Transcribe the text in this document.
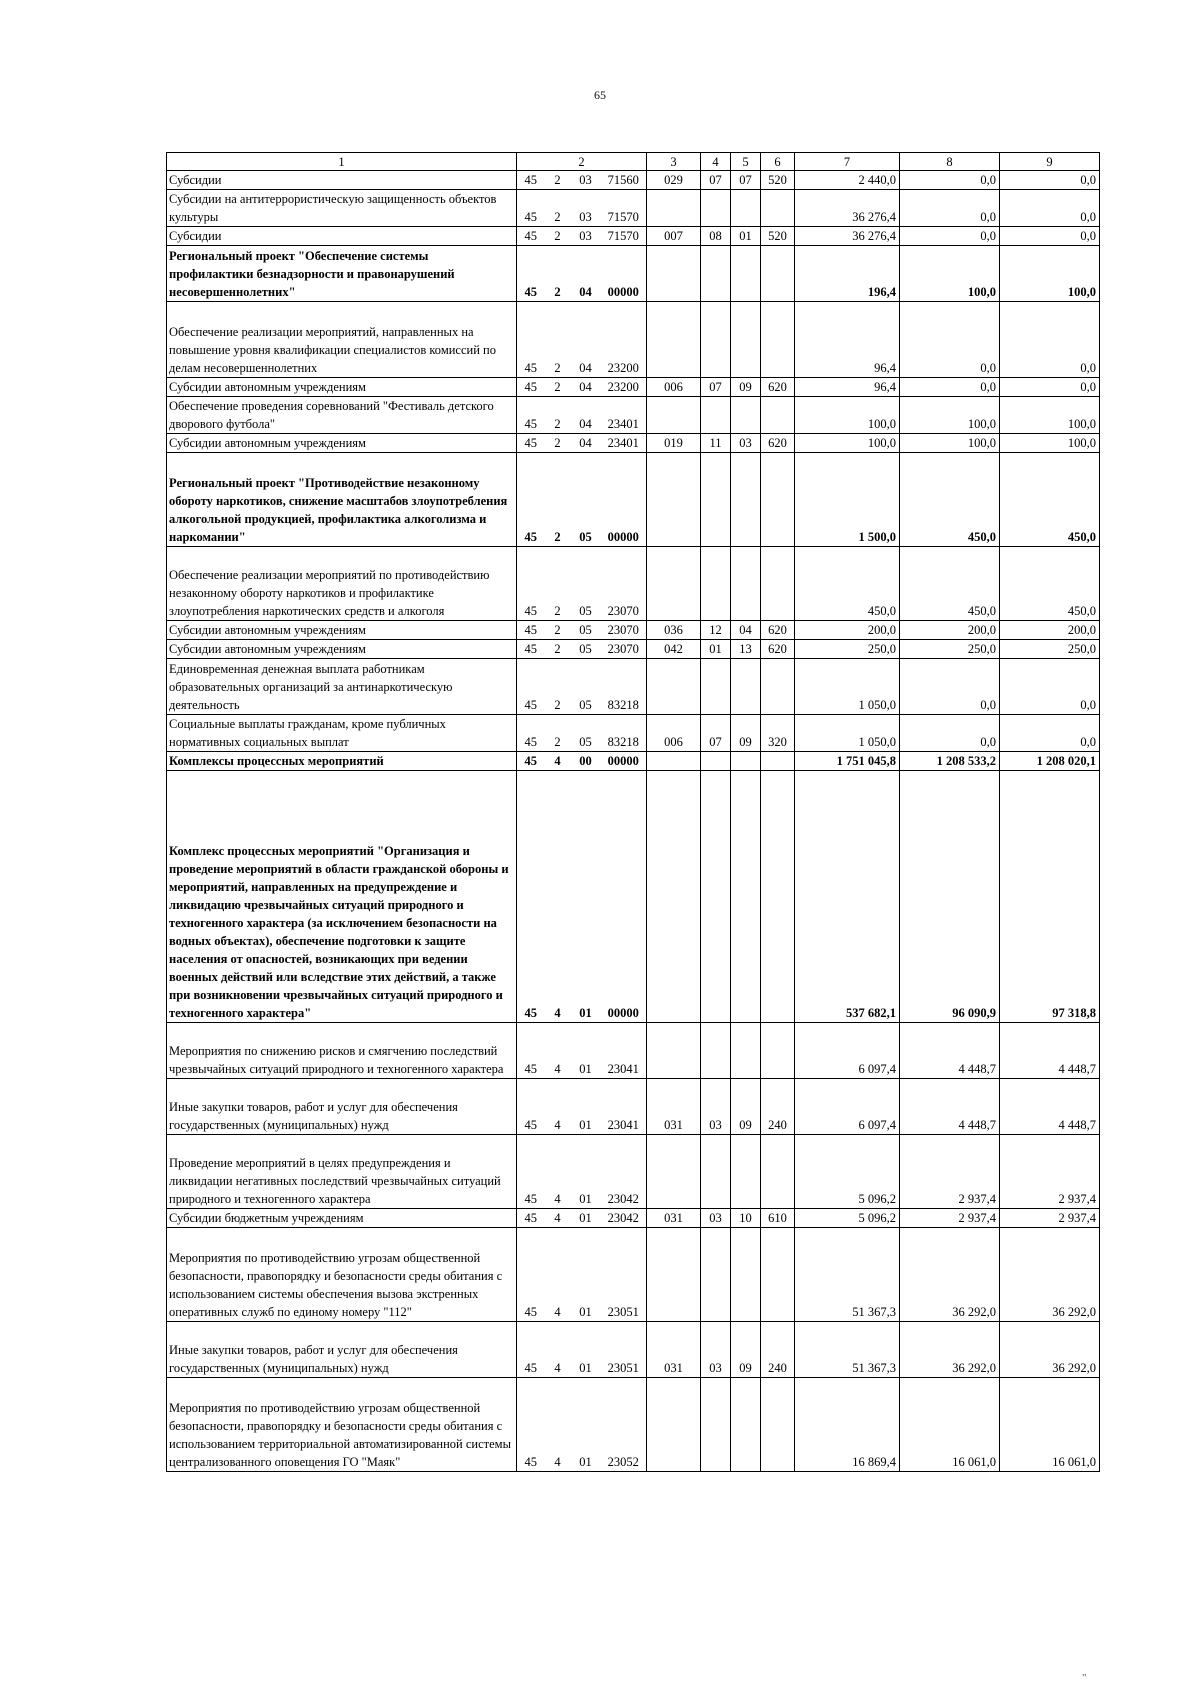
65
1	2				3	4	5	6	7	8	9
Субсидии	45	2	03	71560	029	07	07	520	2 440,0	0,0	0,0
Субсидии на антитеррористическую защищенность объектов культуры	45	2	03	71570					36 276,4	0,0	0,0
Субсидии	45	2	03	71570	007	08	01	520	36 276,4	0,0	0,0
Региональный проект "Обеспечение системы профилактики безнадзорности и правонарушений несовершеннолетних"	45	2	04	00000					196,4	100,0	100,0
Обеспечение реализации мероприятий, направленных на повышение уровня квалификации специалистов комиссий по делам несовершеннолетних	45	2	04	23200					96,4	0,0	0,0
Субсидии автономным учреждениям	45	2	04	23200	006	07	09	620	96,4	0,0	0,0
Обеспечение проведения соревнований "Фестиваль детского дворового футбола"	45	2	04	23401					100,0	100,0	100,0
Субсидии автономным учреждениям	45	2	04	23401	019	11	03	620	100,0	100,0	100,0
Региональный проект "Противодействие незаконному обороту наркотиков, снижение масштабов злоупотребления алкогольной продукцией, профилактика алкоголизма и наркомании"	45	2	05	00000					1 500,0	450,0	450,0
Обеспечение реализации мероприятий по противодействию незаконному обороту наркотиков и профилактике злоупотребления наркотических средств и алкоголя	45	2	05	23070					450,0	450,0	450,0
Субсидии автономным учреждениям	45	2	05	23070	036	12	04	620	200,0	200,0	200,0
Субсидии автономным учреждениям	45	2	05	23070	042	01	13	620	250,0	250,0	250,0
Единовременная денежная выплата работникам образовательных организаций за антинаркотическую деятельность	45	2	05	83218					1 050,0	0,0	0,0
Социальные выплаты гражданам, кроме публичных нормативных социальных выплат	45	2	05	83218	006	07	09	320	1 050,0	0,0	0,0
Комплексы процессных мероприятий	45	4	00	00000					1 751 045,8	1 208 533,2	1 208 020,1
Комплекс процессных мероприятий "Организация и проведение мероприятий в области гражданской обороны и мероприятий, направленных на предупреждение и ликвидацию чрезвычайных ситуаций природного и техногенного характера (за исключением безопасности на водных объектах), обеспечение подготовки к защите населения от опасностей, возникающих при ведении военных действий или вследствие этих действий, а также при возникновении чрезвычайных ситуаций природного и техногенного характера"	45	4	01	00000					537 682,1	96 090,9	97 318,8
Мероприятия по снижению рисков и смягчению последствий чрезвычайных ситуаций природного и техногенного характера	45	4	01	23041					6 097,4	4 448,7	4 448,7
Иные закупки товаров, работ и услуг для обеспечения государственных (муниципальных) нужд	45	4	01	23041	031	03	09	240	6 097,4	4 448,7	4 448,7
Проведение мероприятий в целях предупреждения и ликвидации негативных последствий чрезвычайных ситуаций природного и техногенного характера	45	4	01	23042					5 096,2	2 937,4	2 937,4
Субсидии бюджетным учреждениям	45	4	01	23042	031	03	10	610	5 096,2	2 937,4	2 937,4
Мероприятия по противодействию угрозам общественной безопасности, правопорядку и безопасности среды обитания с использованием системы обеспечения вызова экстренных оперативных служб по единому номеру "112"	45	4	01	23051					51 367,3	36 292,0	36 292,0
Иные закупки товаров, работ и услуг для обеспечения государственных (муниципальных) нужд	45	4	01	23051	031	03	09	240	51 367,3	36 292,0	36 292,0
Мероприятия по противодействию угрозам общественной безопасности, правопорядку и безопасности среды обитания с использованием территориальной автоматизированной системы централизованного оповещения ГО "Маяк"	45	4	01	23052					16 869,4	16 061,0	16 061,0
"
